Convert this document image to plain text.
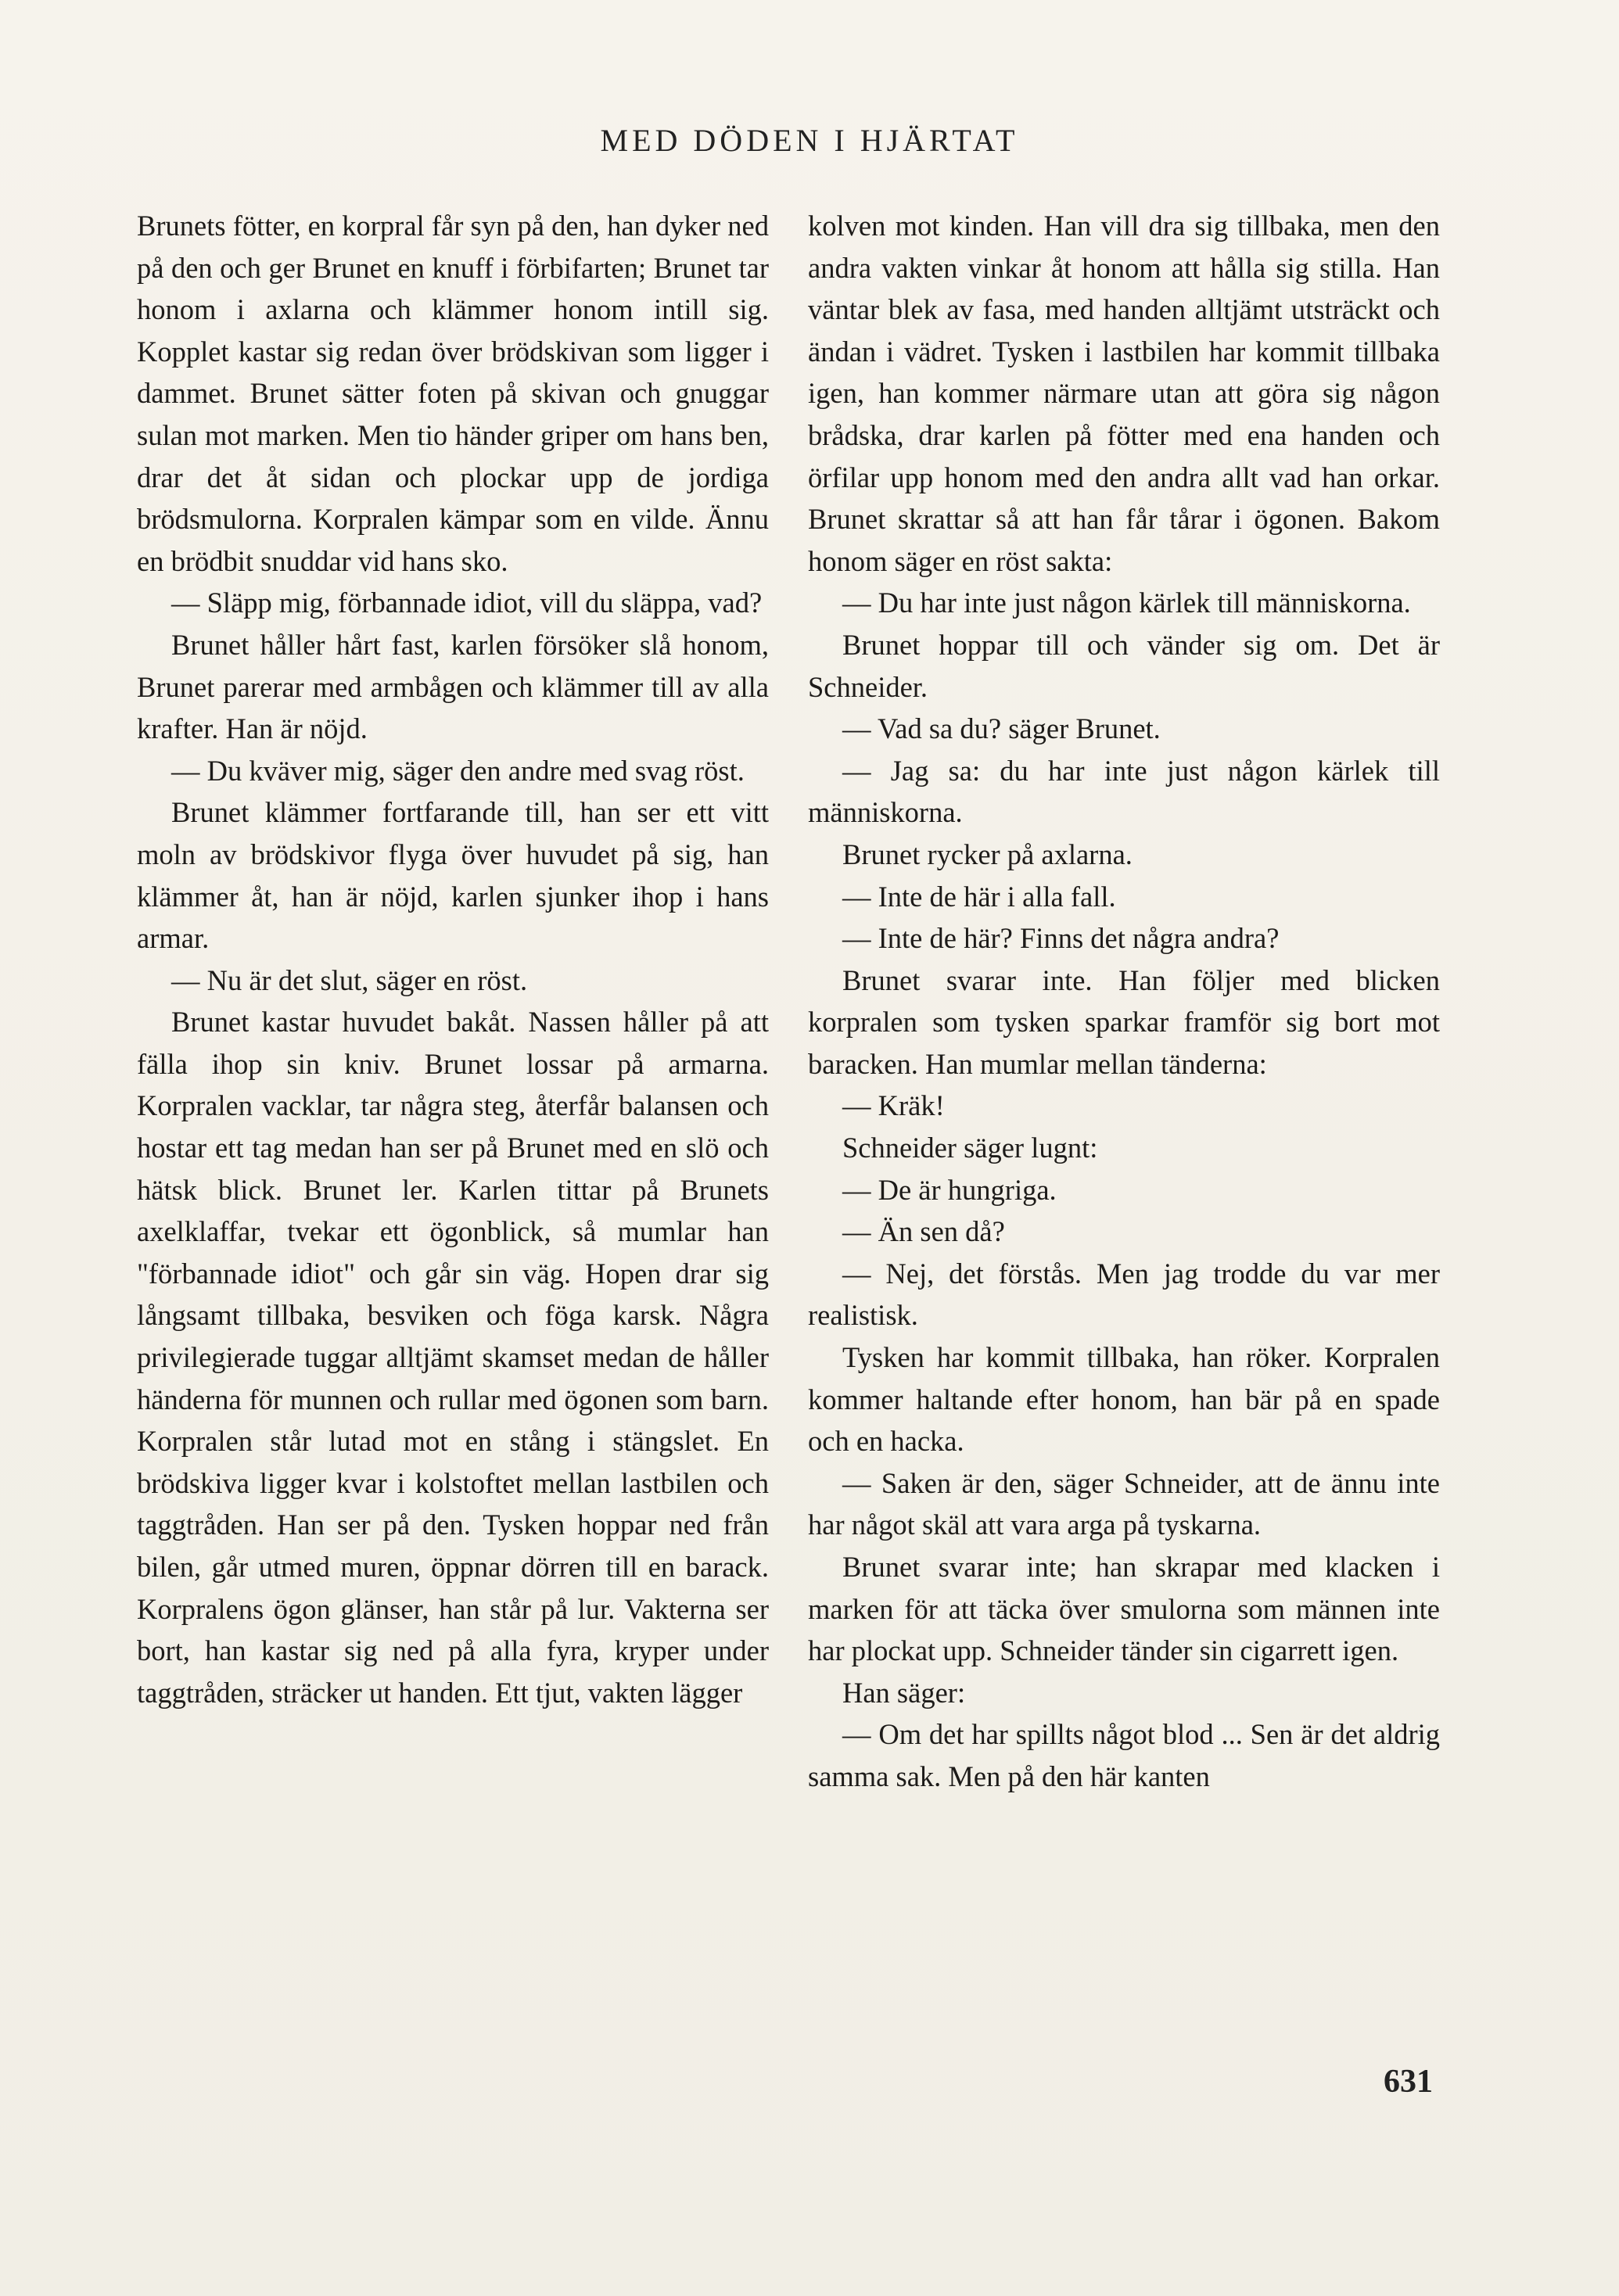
MED DÖDEN I HJÄRTAT

Brunets fötter, en korpral får syn på den, han dyker ned på den och ger Brunet en knuff i förbifarten; Brunet tar honom i axlarna och klämmer honom intill sig. Kopplet kastar sig redan över brödskivan som ligger i dammet. Brunet sätter foten på skivan och gnuggar sulan mot marken. Men tio händer griper om hans ben, drar det åt sidan och plockar upp de jordiga brödsmulorna. Korpralen kämpar som en vilde. Ännu en brödbit snuddar vid hans sko.

— Släpp mig, förbannade idiot, vill du släppa, vad?

Brunet håller hårt fast, karlen försöker slå honom, Brunet parerar med armbågen och klämmer till av alla krafter. Han är nöjd.

— Du kväver mig, säger den andre med svag röst.

Brunet klämmer fortfarande till, han ser ett vitt moln av brödskivor flyga över huvudet på sig, han klämmer åt, han är nöjd, karlen sjunker ihop i hans armar.

— Nu är det slut, säger en röst.

Brunet kastar huvudet bakåt. Nassen håller på att fälla ihop sin kniv. Brunet lossar på armarna. Korpralen vacklar, tar några steg, återfår balansen och hostar ett tag medan han ser på Brunet med en slö och hätsk blick. Brunet ler. Karlen tittar på Brunets axelklaffar, tvekar ett ögonblick, så mumlar han "förbannade idiot" och går sin väg. Hopen drar sig långsamt tillbaka, besviken och föga karsk. Några privilegierade tuggar alltjämt skamset medan de håller händerna för munnen och rullar med ögonen som barn. Korpralen står lutad mot en stång i stängslet. En brödskiva ligger kvar i kolstoftet mellan lastbilen och taggtråden. Han ser på den. Tysken hoppar ned från bilen, går utmed muren, öppnar dörren till en barack. Korpralens ögon glänser, han står på lur. Vakterna ser bort, han kastar sig ned på alla fyra, kryper under taggtråden, sträcker ut handen. Ett tjut, vakten lägger

kolven mot kinden. Han vill dra sig tillbaka, men den andra vakten vinkar åt honom att hålla sig stilla. Han väntar blek av fasa, med handen alltjämt utsträckt och ändan i vädret. Tysken i lastbilen har kommit tillbaka igen, han kommer närmare utan att göra sig någon brådska, drar karlen på fötter med ena handen och örfilar upp honom med den andra allt vad han orkar. Brunet skrattar så att han får tårar i ögonen. Bakom honom säger en röst sakta:

— Du har inte just någon kärlek till människorna.

Brunet hoppar till och vänder sig om. Det är Schneider.

— Vad sa du? säger Brunet.

— Jag sa: du har inte just någon kärlek till människorna.

Brunet rycker på axlarna.

— Inte de här i alla fall.

— Inte de här? Finns det några andra?

Brunet svarar inte. Han följer med blicken korpralen som tysken sparkar framför sig bort mot baracken. Han mumlar mellan tänderna:

— Kräk!

Schneider säger lugnt:

— De är hungriga.

— Än sen då?

— Nej, det förstås. Men jag trodde du var mer realistisk.

Tysken har kommit tillbaka, han röker. Korpralen kommer haltande efter honom, han bär på en spade och en hacka.

— Saken är den, säger Schneider, att de ännu inte har något skäl att vara arga på tyskarna.

Brunet svarar inte; han skrapar med klacken i marken för att täcka över smulorna som männen inte har plockat upp. Schneider tänder sin cigarrett igen.

Han säger:

— Om det har spillts något blod ... Sen är det aldrig samma sak. Men på den här kanten

631
